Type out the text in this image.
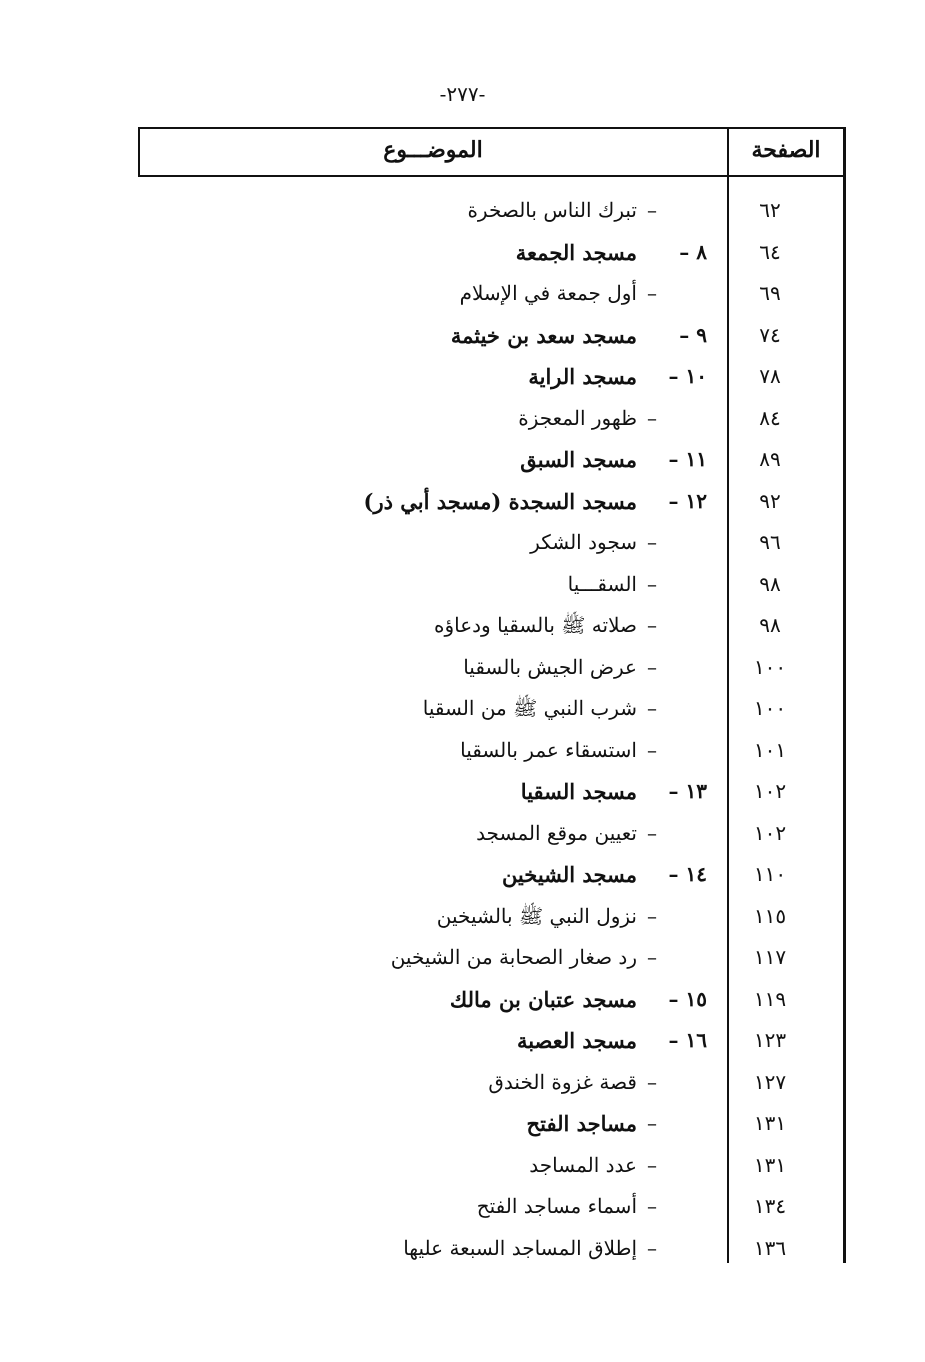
-٢٧٧-
الصفحة
الموضـــوع
٦٢
–
تبرك الناس بالصخرة
٦٤
٨ –
مسجد الجمعة
٦٩
–
أول جمعة في الإسلام
٧٤
٩ –
مسجد سعد بن خيثمة
٧٨
١٠ –
مسجد الراية
٨٤
–
ظهور المعجزة
٨٩
١١ –
مسجد السبق
٩٢
١٢ –
مسجد السجدة (مسجد أبي ذر)
٩٦
–
سجود الشكر
٩٨
–
السقـــيا
٩٨
–
صلاته ﷺ بالسقيا ودعاؤه
١٠٠
–
عرض الجيش بالسقيا
١٠٠
–
شرب النبي ﷺ من السقيا
١٠١
–
استسقاء عمر بالسقيا
١٠٢
١٣ –
مسجد السقيا
١٠٢
–
تعيين موقع المسجد
١١٠
١٤ –
مسجد الشيخين
١١٥
–
نزول النبي ﷺ بالشيخين
١١٧
–
رد صغار الصحابة من الشيخين
١١٩
١٥ –
مسجد عتبان بن مالك
١٢٣
١٦ –
مسجد العصبة
١٢٧
–
قصة غزوة الخندق
١٣١
–
مساجد الفتح
١٣١
–
عدد المساجد
١٣٤
–
أسماء مساجد الفتح
١٣٦
–
إطلاق المساجد السبعة عليها
